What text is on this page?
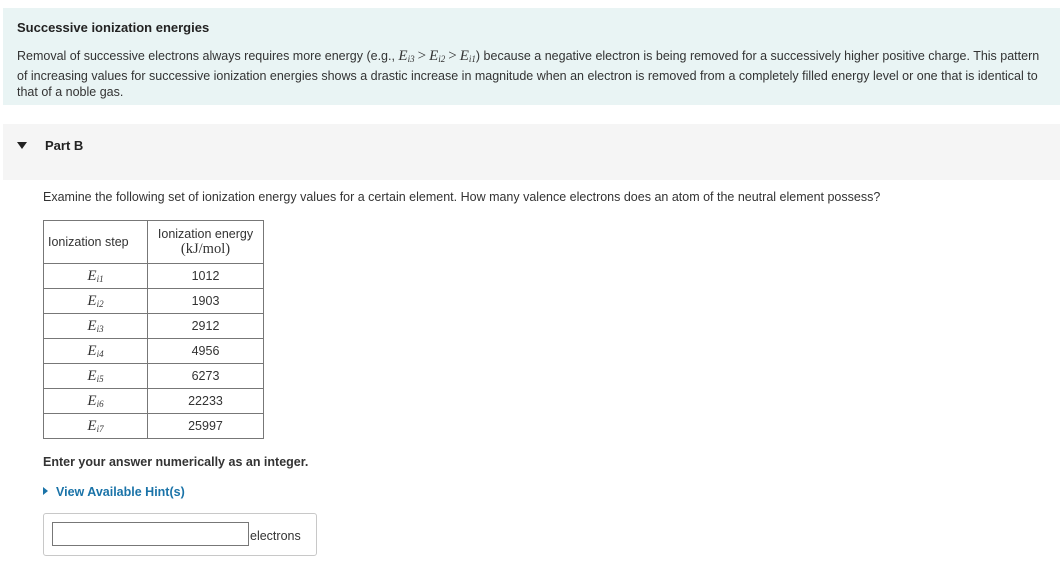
Successive ionization energies

Removal of successive electrons always requires more energy (e.g., $E_{i3} > E_{i2} > E_{i1}$) because a negative electron is being removed for a successively higher positive charge. This pattern of increasing values for successive ionization energies shows a drastic increase in magnitude when an electron is removed from a completely filled energy level or one that is identical to that of a noble gas.

Part B
Examine the following set of ionization energy values for a certain element. How many valence electrons does an atom of the neutral element possess?
Ionization step	Ionization energy
(kJ/mol)

$E_{i1}$	1012
$E_{i2}$	1903
$E_{i3}$	2912
$E_{i4}$	4956
$E_{i5}$	6273
$E_{i6}$	22233
$E_{i7}$	25997
Enter your answer numerically as an integer.
View Available Hint(s)
electrons
